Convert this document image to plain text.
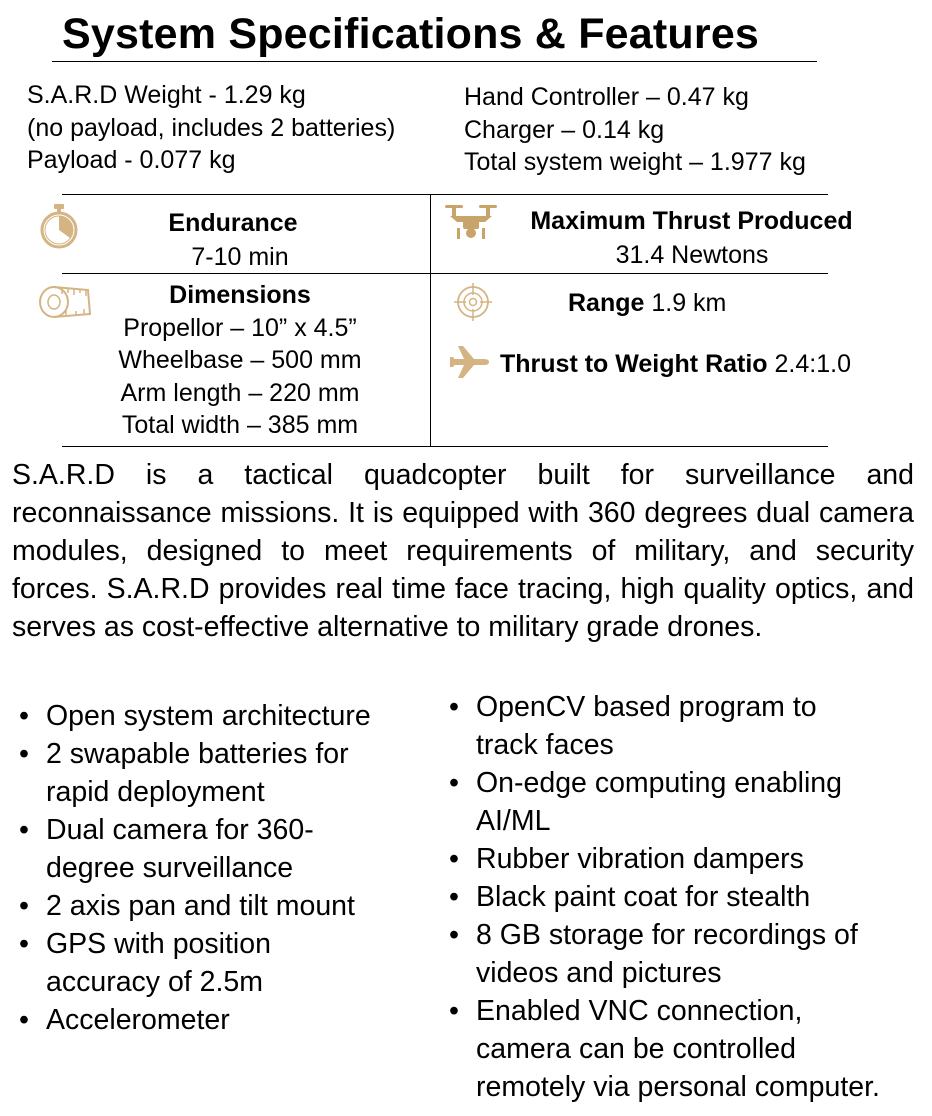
System Specifications & Features
S.A.R.D Weight - 1.29 kg
(no payload, includes 2 batteries)
Payload - 0.077 kg
Hand Controller – 0.47 kg
Charger – 0.14 kg
Total system weight – 1.977 kg
Endurance
7-10 min
Maximum Thrust Produced
31.4 Newtons
Dimensions
Propellor – 10” x 4.5”
Wheelbase – 500 mm
Arm length – 220 mm
Total width – 385 mm
Range 1.9 km
Thrust to Weight Ratio 2.4:1.0
S.A.R.D is a tactical quadcopter built for surveillance and reconnaissance missions. It is equipped with 360 degrees dual camera modules, designed to meet requirements of military, and security forces. S.A.R.D provides real time face tracing, high quality optics, and serves as cost-effective alternative to military grade drones.
• Open system architecture
• 2 swapable batteries for
rapid deployment
• Dual camera for 360-
degree surveillance
• 2 axis pan and tilt mount
• GPS with position
accuracy of 2.5m
• Accelerometer
• OpenCV based program to
track faces
• On-edge computing enabling
AI/ML
• Rubber vibration dampers
• Black paint coat for stealth
• 8 GB storage for recordings of
videos and pictures
• Enabled VNC connection,
camera can be controlled
remotely via personal computer.
